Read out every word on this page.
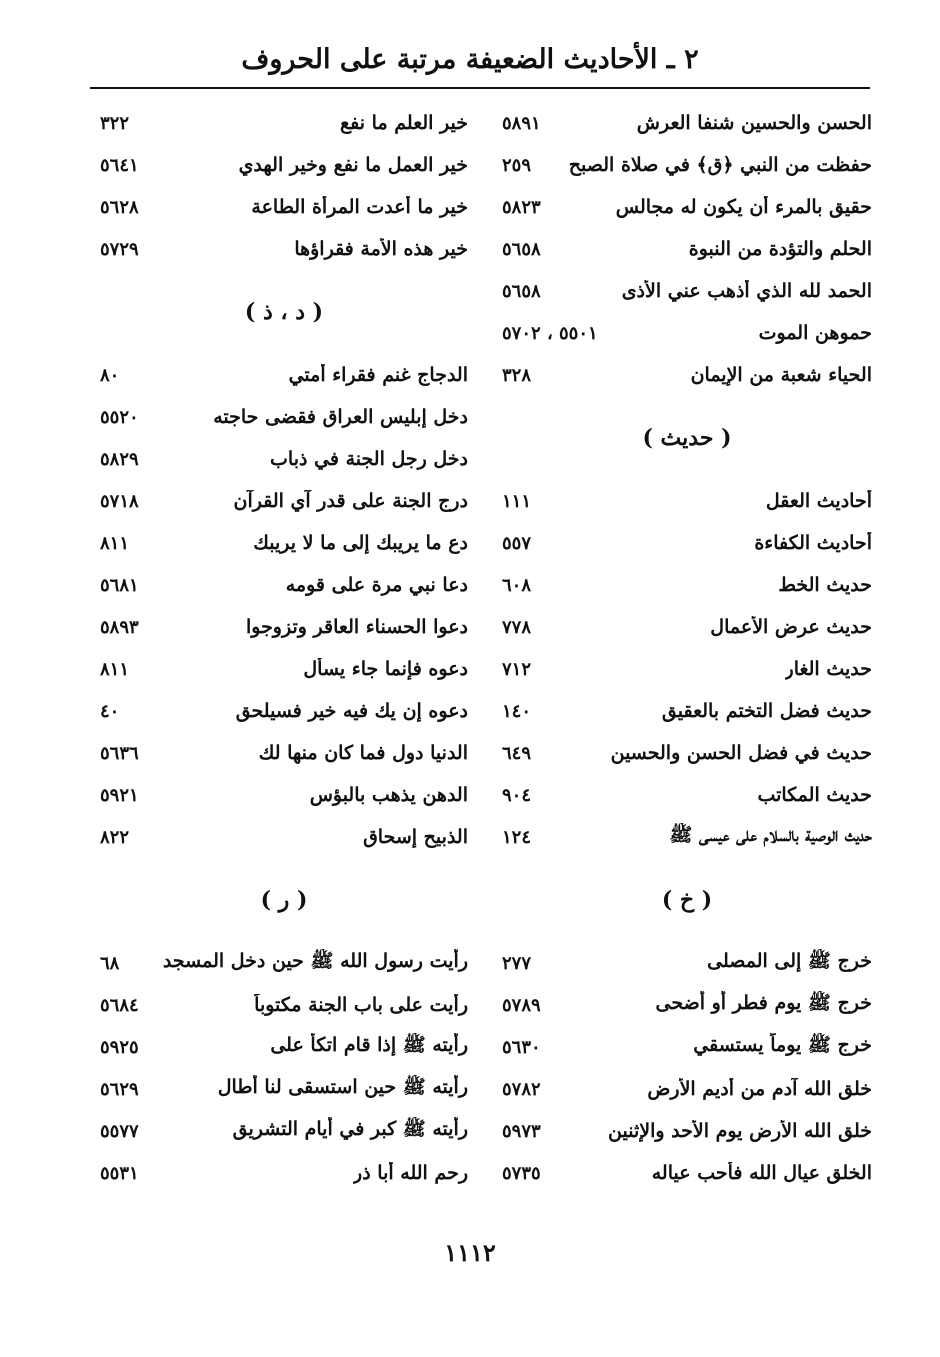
٢ ـ الأحاديث الضعيفة مرتبة على الحروف
الحسن والحسين شنفا العرش
٥٨٩١
حفظت من النبي ﴿ق﴾ في صلاة الصبح
٢٥٩
حقيق بالمرء أن يكون له مجالس
٥٨٢٣
الحلم والتؤدة من النبوة
٥٦٥٨
الحمد لله الذي أذهب عني الأذى
٥٦٥٨
حموهن الموت
٥٥٠١ ، ٥٧٠٢
الحياء شعبة من الإيمان
٣٢٨
( حديث )
أحاديث العقل
١١١
أحاديث الكفاءة
٥٥٧
حديث الخط
٦٠٨
حديث عرض الأعمال
٧٧٨
حديث الغار
٧١٢
حديث فضل التختم بالعقيق
١٤٠
حديث في فضل الحسن والحسين
٦٤٩
حديث المكاتب
٩٠٤
حديث الوصية بالسلام على عيسى ﷺ
١٢٤
( خ )
خرج ﷺ إلى المصلى
٢٧٧
خرج ﷺ يوم فطر أو أضحى
٥٧٨٩
خرج ﷺ يوماً يستسقي
٥٦٣٠
خلق الله آدم من أديم الأرض
٥٧٨٢
خلق الله الأرض يوم الأحد والإثنين
٥٩٧٣
الخلق عيال الله فأحب عياله
٥٧٣٥
خير العلم ما نفع
٣٢٢
خير العمل ما نفع وخير الهدي
٥٦٤١
خير ما أعدت المرأة الطاعة
٥٦٢٨
خير هذه الأمة فقراؤها
٥٧٢٩
( د ، ذ )
الدجاج غنم فقراء أمتي
٨٠
دخل إبليس العراق فقضى حاجته
٥٥٢٠
دخل رجل الجنة في ذباب
٥٨٢٩
درج الجنة على قدر آي القرآن
٥٧١٨
دع ما يريبك إلى ما لا يريبك
٨١١
دعا نبي مرة على قومه
٥٦٨١
دعوا الحسناء العاقر وتزوجوا
٥٨٩٣
دعوه فإنما جاء يسأل
٨١١
دعوه إن يك فيه خير فسيلحق
٤٠
الدنيا دول فما كان منها لك
٥٦٣٦
الدهن يذهب بالبؤس
٥٩٢١
الذبيح إسحاق
٨٢٢
( ر )
رأيت رسول الله ﷺ حين دخل المسجد
٦٨
رأيت على باب الجنة مكتوباً
٥٦٨٤
رأيته ﷺ إذا قام اتكأ على
٥٩٢٥
رأيته ﷺ حين استسقى لنا أطال
٥٦٢٩
رأيته ﷺ كبر في أيام التشريق
٥٥٧٧
رحم الله أبا ذر
٥٥٣١
١١١٢
